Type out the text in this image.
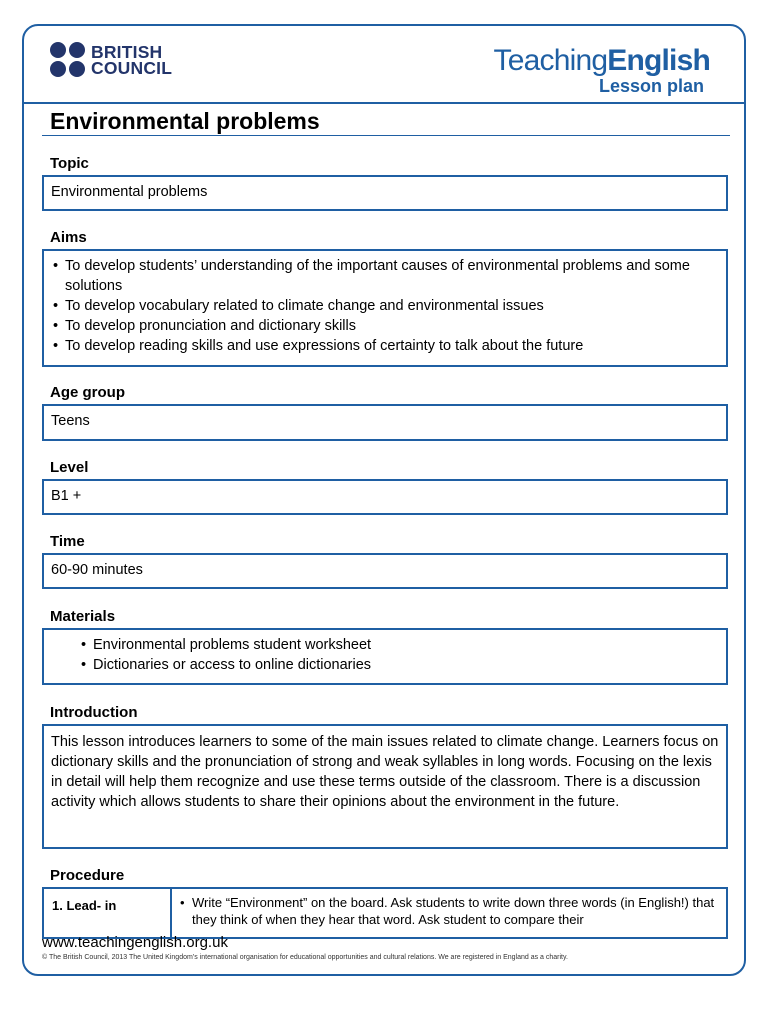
BRITISH
COUNCIL	TeachingEnglish
Lesson plan
Environmental problems
Topic
Environmental problems
Aims
• To develop students’ understanding of the important causes of environmental problems and some solutions
• To develop vocabulary related to climate change and environmental issues
• To develop pronunciation and dictionary skills
• To develop reading skills and use expressions of certainty to talk about the future
Age group
Teens
Level
B1 +
Time
60-90 minutes
Materials
• Environmental problems student worksheet
• Dictionaries or access to online dictionaries
Introduction

This lesson introduces learners to some of the main issues related to climate change. Learners focus on dictionary skills and the pronunciation of strong and weak syllables in long words. Focusing on the lexis in detail will help them recognize and use these terms outside of the classroom. There is a discussion activity which allows students to share their opinions about the environment in the future.

Procedure
1. Lead- in	• Write “Environment” on the board. Ask students to write down three words (in English!) that they think of when they hear that word. Ask student to compare their
www.teachingenglish.org.uk
© The British Council, 2013 The United Kingdom’s international organisation for educational opportunities and cultural relations. We are registered in England as a charity.
